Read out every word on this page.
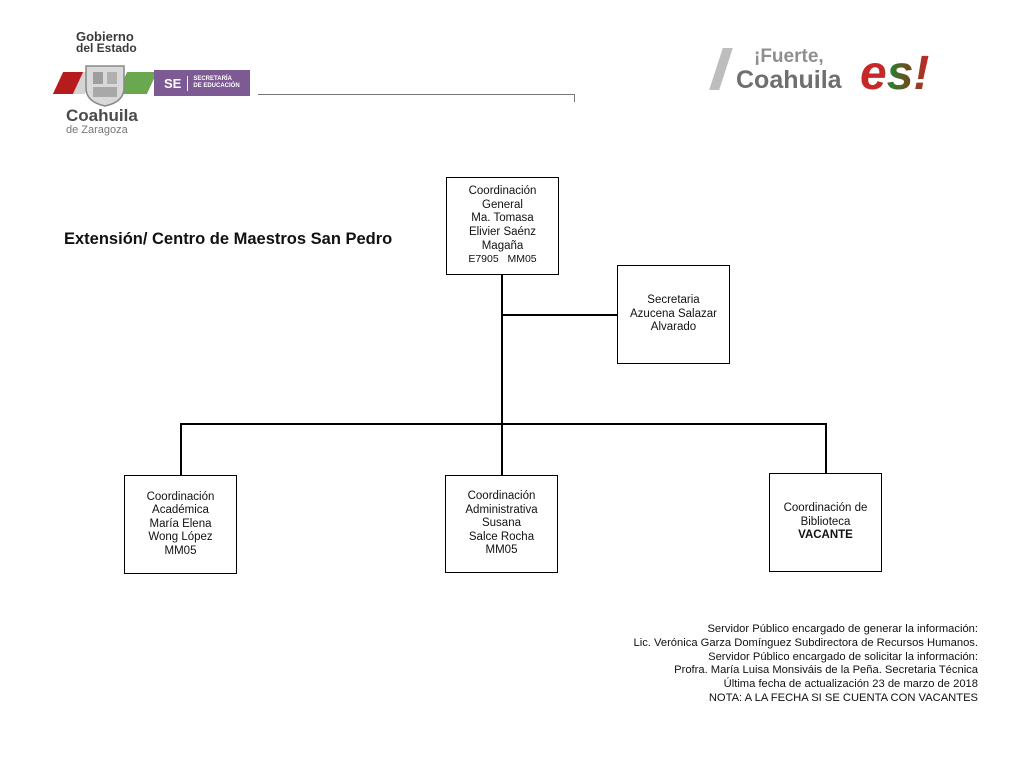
Gobierno
del Estado
SE	SECRETARÍA
DE EDUCACIÓN
Coahuila
de Zaragoza
¡Fuerte,
Coahuila es!
Extensión/ Centro de Maestros San Pedro
Coordinación
General
Ma. Tomasa
Elivier Saénz
Magaña
E7905   MM05
Secretaria
Azucena Salazar
Alvarado
Coordinación
Académica
María Elena
Wong López
MM05
Coordinación
Administrativa
Susana
Salce Rocha
MM05
Coordinación de
Biblioteca
VACANTE
Servidor Público encargado de generar la información:
Lic. Verónica Garza Domínguez Subdirectora de Recursos Humanos.
Servidor Público encargado de solicitar la información:
Profra. María Luisa Monsiváis de la Peña. Secretaria Técnica
Última fecha de actualización 23 de marzo de 2018
NOTA: A LA FECHA SI SE CUENTA CON VACANTES
